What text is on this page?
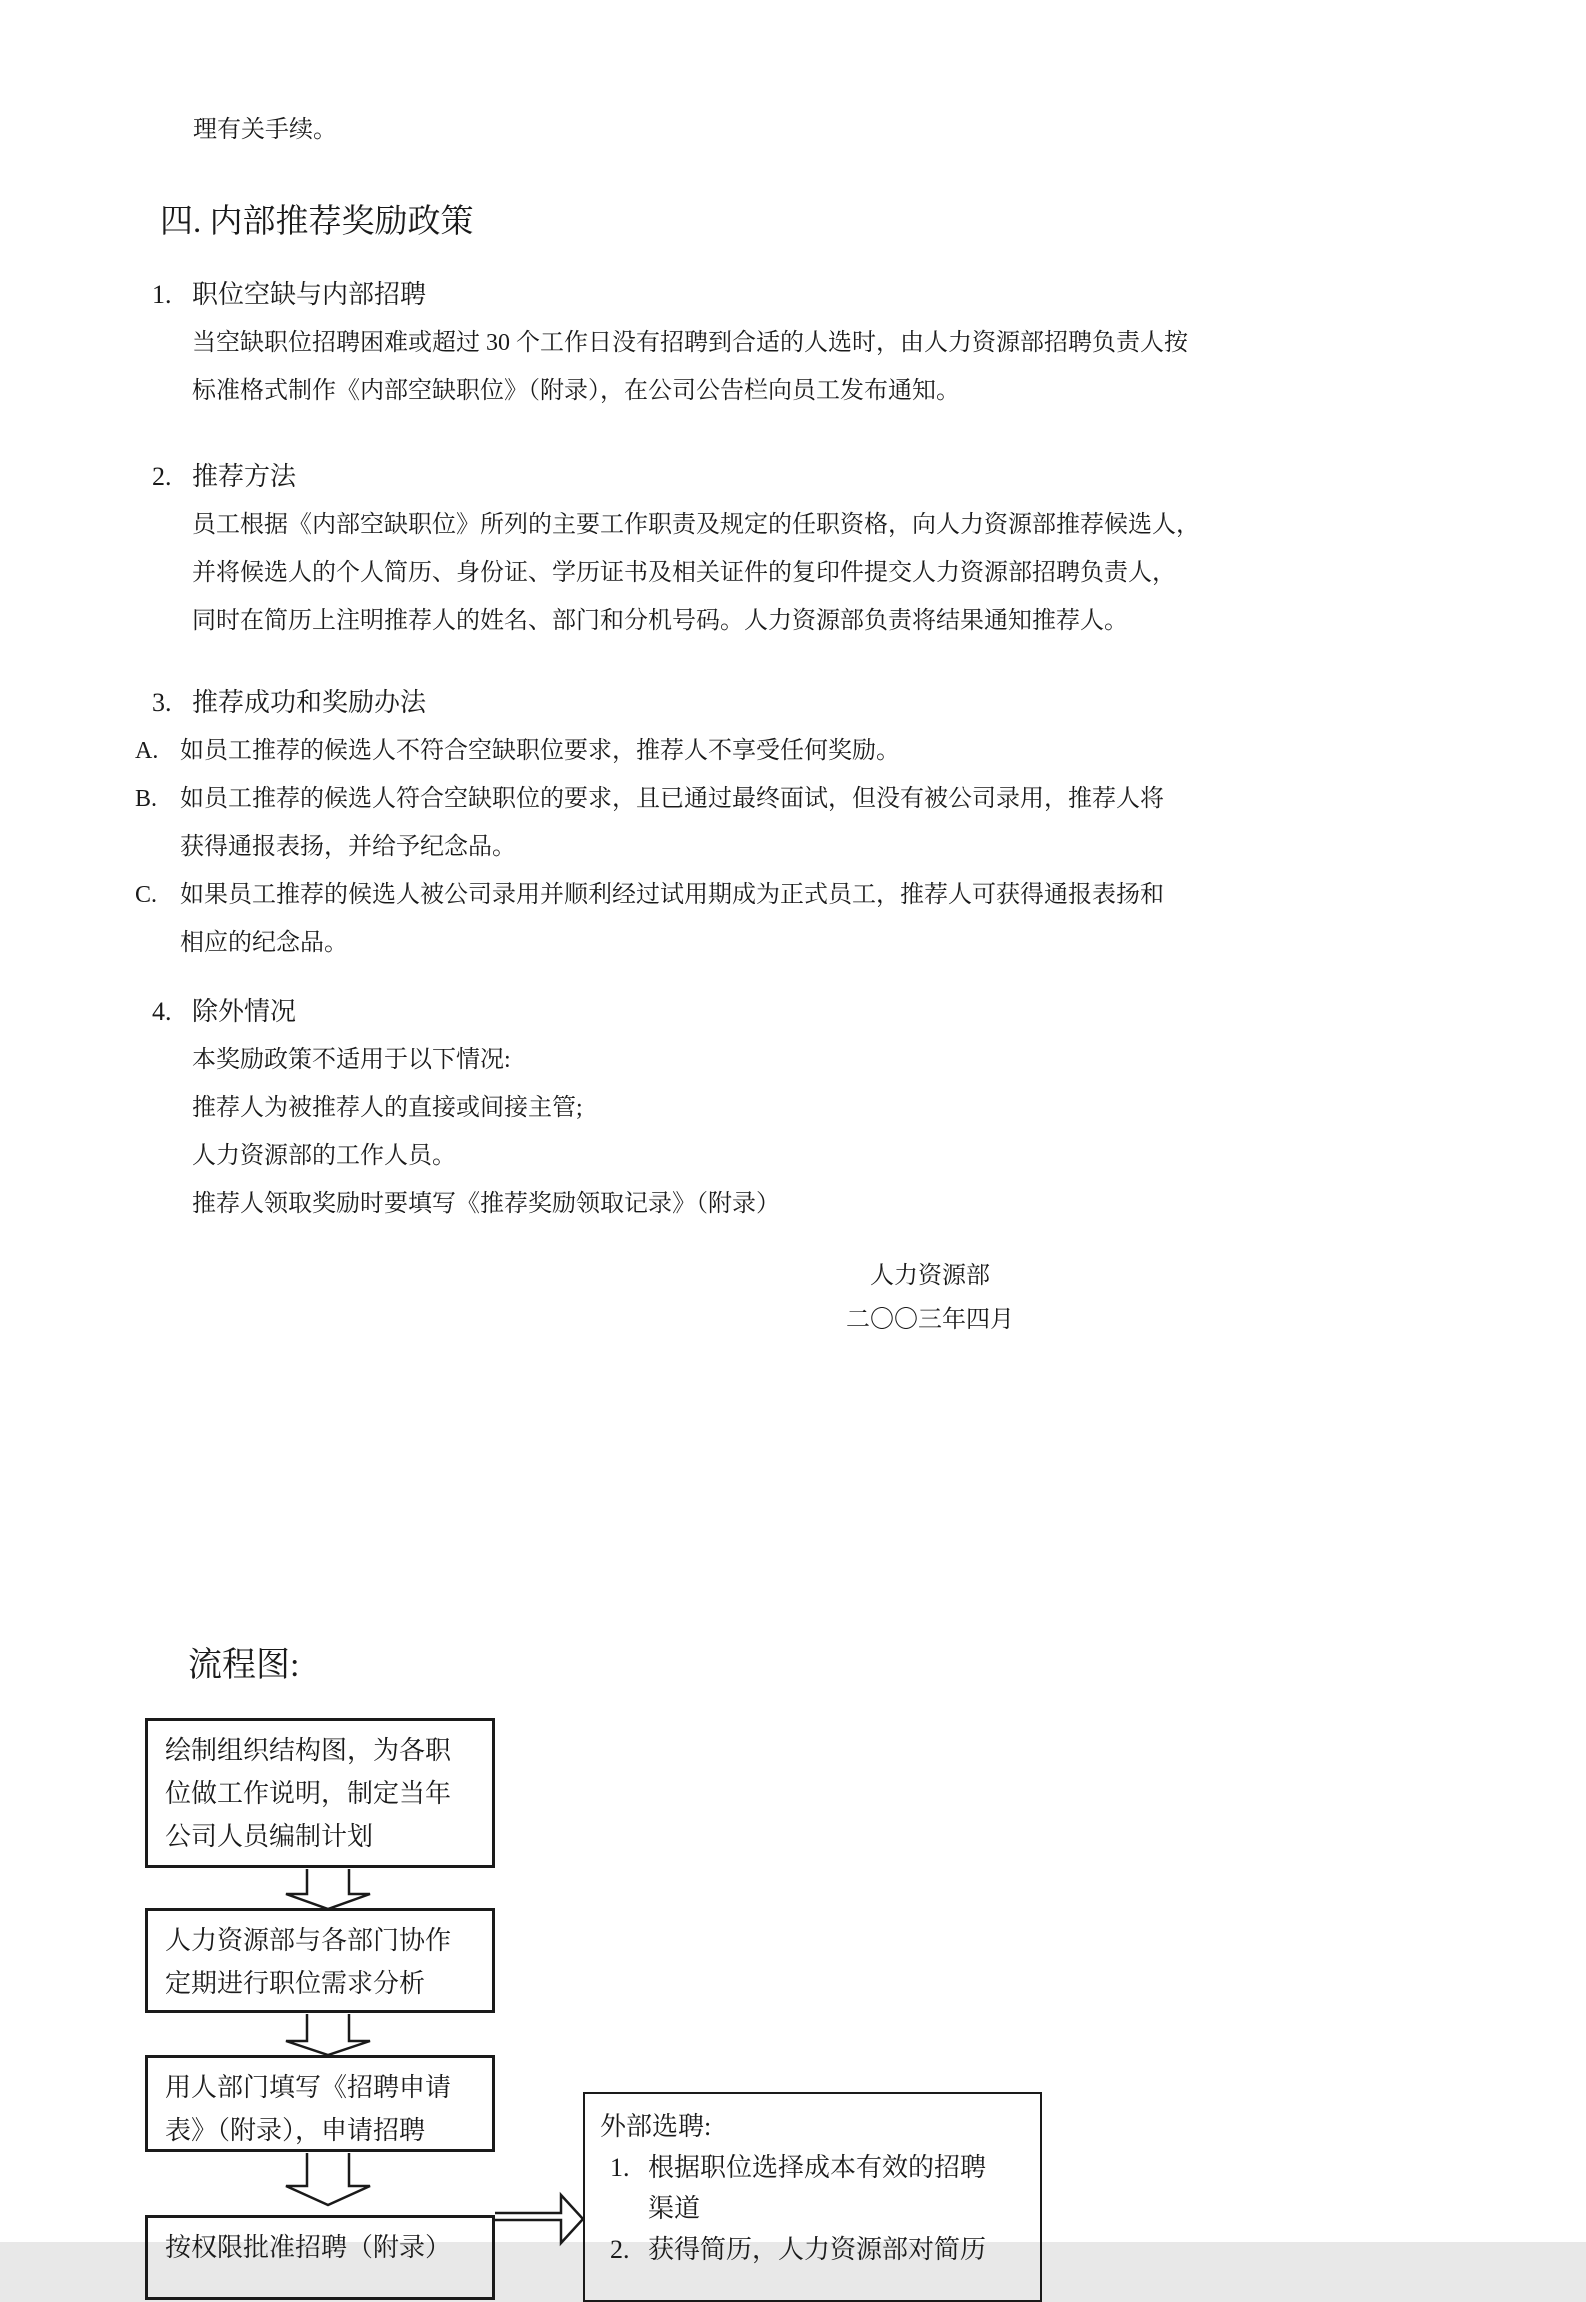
理有关手续。
四. 内部推荐奖励政策
1. 职位空缺与内部招聘
当空缺职位招聘困难或超过 30 个工作日没有招聘到合适的人选时，由人力资源部招聘负责人按
标准格式制作《内部空缺职位》（附录），在公司公告栏向员工发布通知。
2. 推荐方法
员工根据《内部空缺职位》所列的主要工作职责及规定的任职资格，向人力资源部推荐候选人，
并将候选人的个人简历、身份证、学历证书及相关证件的复印件提交人力资源部招聘负责人，
同时在简历上注明推荐人的姓名、部门和分机号码。人力资源部负责将结果通知推荐人。
3. 推荐成功和奖励办法
A. 如员工推荐的候选人不符合空缺职位要求，推荐人不享受任何奖励。
B. 如员工推荐的候选人符合空缺职位的要求，且已通过最终面试，但没有被公司录用，推荐人将
获得通报表扬，并给予纪念品。
C. 如果员工推荐的候选人被公司录用并顺利经过试用期成为正式员工，推荐人可获得通报表扬和
相应的纪念品。
4. 除外情况
本奖励政策不适用于以下情况:
推荐人为被推荐人的直接或间接主管;
人力资源部的工作人员。
推荐人领取奖励时要填写《推荐奖励领取记录》（附录）
人力资源部
二〇〇三年四月
流程图:
绘制组织结构图，为各职
位做工作说明，制定当年
公司人员编制计划
人力资源部与各部门协作
定期进行职位需求分析
用人部门填写《招聘申请
表》（附录），申请招聘
按权限批准招聘（附录）
外部选聘:
1. 根据职位选择成本有效的招聘
渠道
2. 获得简历，人力资源部对简历
